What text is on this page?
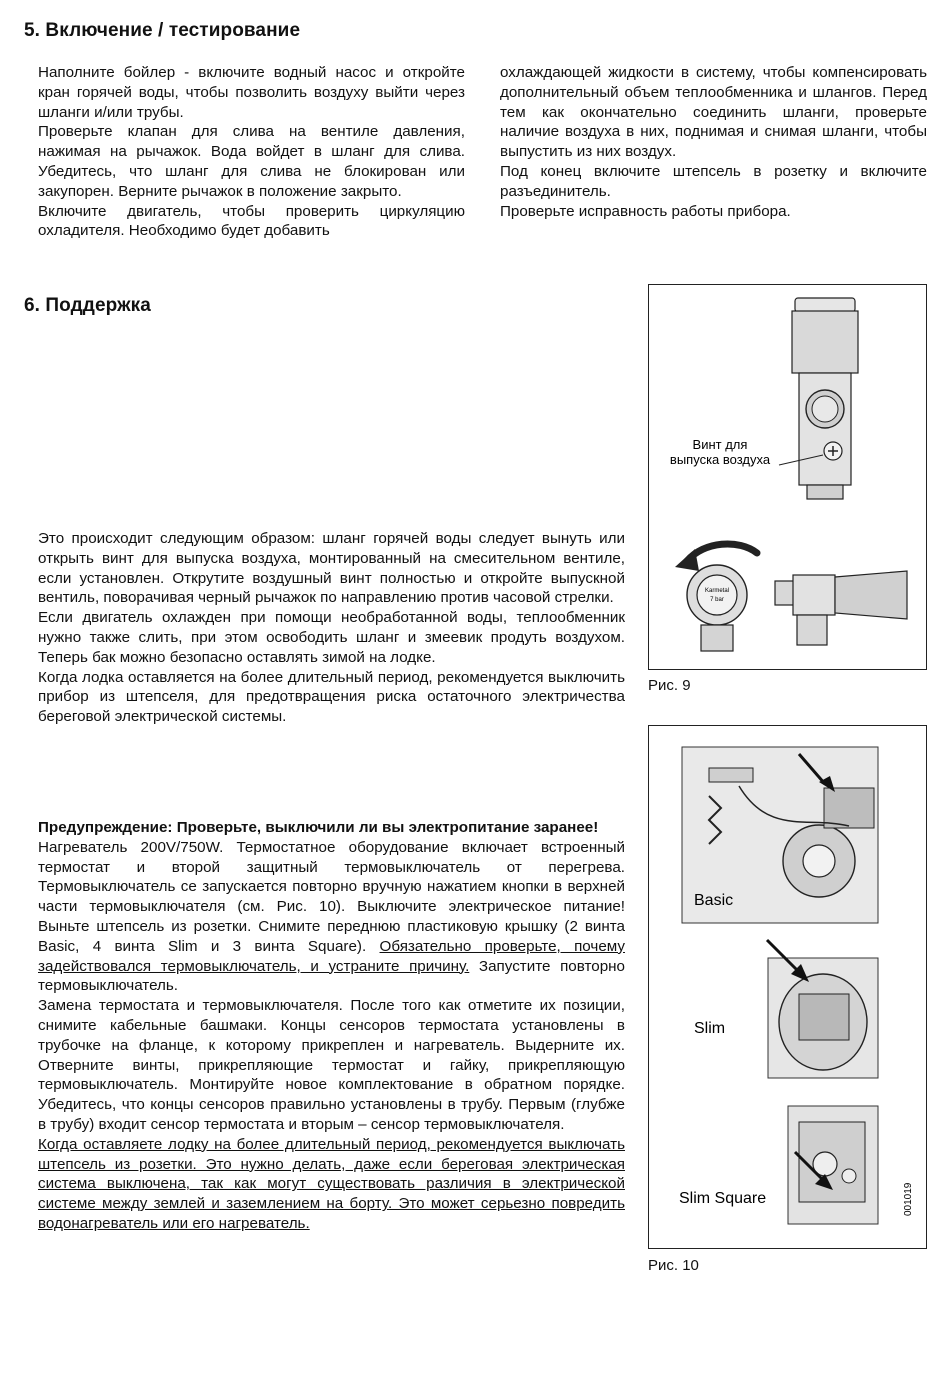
5. Включение / тестирование

Наполните бойлер - включите водный насос и откройте кран горячей воды, чтобы позволить воздуху выйти через шланги и/или трубы.

Проверьте клапан для слива на вентиле давления, нажимая на рычажок. Вода войдет в шланг для слива. Убедитесь, что шланг для слива не блокирован или закупорен. Верните рычажок в положение закрыто.

Включите двигатель, чтобы проверить циркуляцию охладителя. Необходимо будет добавить

охлаждающей жидкости в систему, чтобы компенсировать дополнительный объем теплообменника и шлангов. Перед тем как окончательно соединить шланги, проверьте наличие воздуха в них, поднимая и снимая шланги, чтобы выпустить из них воздух.

Под конец включите штепсель в розетку и включите разъединитель.

Проверьте исправность работы прибора.

6. Поддержка

Это происходит следующим образом: шланг горячей воды следует вынуть или открыть винт для выпуска воздуха, монтированный на смесительном вентиле, если установлен. Открутите воздушный винт полностью и откройте выпускной вентиль, поворачивая черный рычажок по направлению против часовой стрелки.

Если двигатель охлажден при помощи необработанной воды, теплообменник нужно также слить, при этом освободить шланг и змеевик продуть воздухом. Теперь бак можно безопасно оставлять зимой на лодке.

Когда лодка оставляется на более длительный период, рекомендуется выключить прибор из штепселя, для предотвращения риска остаточного электричества береговой электрической системы.

Предупреждение: Проверьте, выключили ли вы электропитание заранее!

Нагреватель 200V/750W. Термостатное оборудование включает встроенный термостат и второй защитный термовыключатель от перегрева. Термовыключатель се запускается повторно вручную нажатием кнопки в верхней части термовыключателя (см. Рис. 10). Выключите электрическое питание! Выньте штепсель из розетки. Снимите переднюю пластиковую крышку (2 винта Basic, 4 винта Slim и 3 винта Square). Обязательно проверьте, почему задействовался термовыключатель, и устраните причину. Запустите повторно термовыключатель.

Замена термостата и термовыключателя. После того как отметите их позиции, снимите кабельные башмаки. Концы сенсоров термостата установлены в трубочке на фланце, к которому прикреплен и нагреватель. Выдерните их. Отверните винты, прикрепляющие термостат и гайку, прикрепляющую термовыключатель. Монтируйте новое комплектование в обратном порядке. Убедитесь, что концы сенсоров правильно установлены в трубу. Первым (глубже в трубу) входит сенсор термостата и вторым – сенсор термовыключателя.

Когда оставляете лодку на более длительный период, рекомендуется выключать штепсель из розетки. Это нужно делать, даже если береговая электрическая система выключена, так как могут существовать различия в электрической системе между землей и заземлением на борту. Это может серьезно повредить водонагреватель или его нагреватель.

Винт для
выпуска воздуха
Karmetal
7 bar
Рис. 9
Basic
Slim
Slim Square	001019
Рис. 10
